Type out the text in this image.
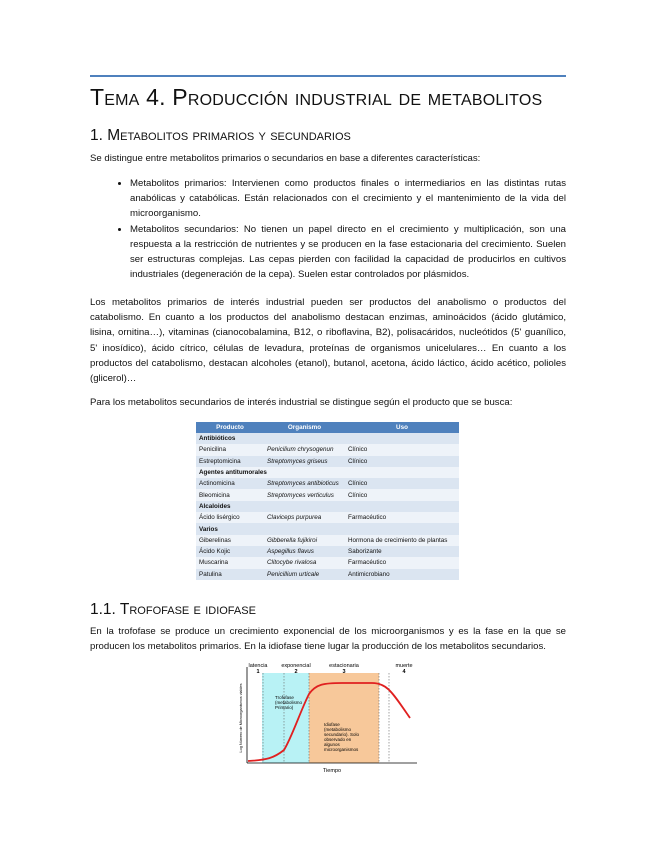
Tema 4. Producción industrial de metabolitos
1. Metabolitos primarios y secundarios

Se distingue entre metabolitos primarios o secundarios en base a diferentes características:

• Metabolitos primarios: Intervienen como productos finales o intermediarios en las distintas rutas anabólicas y catabólicas. Están relacionados con el crecimiento y el mantenimiento de la vida del microorganismo.
• Metabolitos secundarios: No tienen un papel directo en el crecimiento y multiplicación, son una respuesta a la restricción de nutrientes y se producen en la fase estacionaria del crecimiento. Suelen ser estructuras complejas. Las cepas pierden con facilidad la capacidad de producirlos en cultivos industriales (degeneración de la cepa). Suelen estar controlados por plásmidos.

Los metabolitos primarios de interés industrial pueden ser productos del anabolismo o productos del catabolismo. En cuanto a los productos del anabolismo destacan enzimas, aminoácidos (ácido glutámico, lisina, ornitina…), vitaminas (cianocobalamina, B12, o riboflavina, B2), polisacáridos, nucleótidos (5' guanílico, 5' inosídico), ácido cítrico, células de levadura, proteínas de organismos unicelulares… En cuanto a los productos del catabolismo, destacan alcoholes (etanol), butanol, acetona, ácido láctico, ácido acético, polioles (glicerol)…

Para los metabolitos secundarios de interés industrial se distingue según el producto que se busca:

Producto	Organismo	Uso
Antibióticos		
Penicilina	Penicilium chrysogenun	Clínico
Estreptomicina	Streptomyces griseus	Clínico
Agentes antitumorales		
Actinomicina	Streptomyces antibioticus	Clínico
Bleomicina	Streptomyces verticulus	Clínico
Alcaloides		
Ácido lisérgico	Claviceps purpurea	Farmacéutico
Varios		
Giberelinas	Gibberella fujikiroi	Hormona de crecimiento de plantas
Ácido Kojic	Aspegillus flavus	Saborizante
Muscarina	Clitocybe rivalosa	Farmacéutico
Patulina	Penicillium urticale	Antimicrobiano
1.1. Trofofase e idiofase

En la trofofase se produce un crecimiento exponencial de los microorganismos y es la fase en la que se producen los metabolitos primarios. En la idiofase tiene lugar la producción de los metabolitos secundarios.

latencia
1
exponencial
2
estacionaria
3
muerte
4
Trofofase
(metabolismo
Primario)
Idiofase
(metabolismo
secundario). Solo
observado en
algunos
microorganismos
Tiempo
Log Número de Microorganismos viables
